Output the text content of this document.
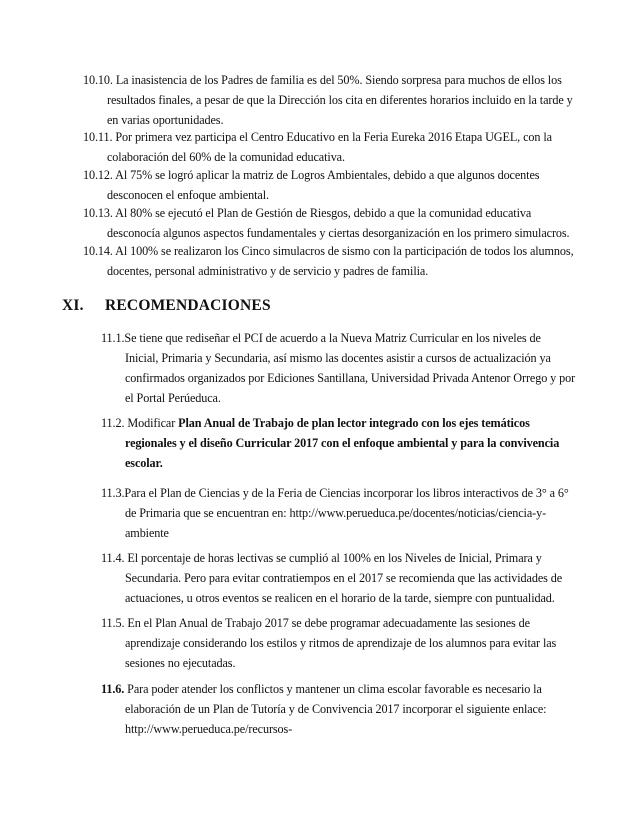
10.10. La inasistencia de los Padres de familia es del 50%. Siendo sorpresa para muchos de ellos los
resultados finales, a pesar de que la Dirección los cita en diferentes horarios incluido en la tarde y
en varias oportunidades.
10.11. Por primera vez participa el Centro Educativo en la Feria Eureka 2016 Etapa UGEL, con la
colaboración del 60% de la comunidad educativa.
10.12. Al 75% se logró aplicar la matriz de Logros Ambientales, debido a que algunos docentes
desconocen el enfoque ambiental.
10.13. Al 80% se ejecutó el Plan de Gestión de Riesgos, debido a que la comunidad educativa
desconocía algunos aspectos fundamentales y ciertas desorganización en los primero simulacros.
10.14. Al 100% se realizaron los Cinco simulacros de sismo con la participación de todos los alumnos,
docentes, personal administrativo y de servicio y padres de familia.
XI. RECOMENDACIONES
11.1.Se tiene que rediseñar el PCI de acuerdo a la Nueva Matriz Curricular en los niveles de
Inicial, Primaria y Secundaria, así mismo las docentes asistir a cursos de actualización ya
confirmados organizados por Ediciones Santillana, Universidad Privada Antenor Orrego y por
el Portal Perúeduca.
11.2. Modificar Plan Anual de Trabajo de plan lector integrado con los ejes temáticos
regionales y el diseño Curricular 2017 con el enfoque ambiental y para la convivencia
escolar.
11.3.Para el Plan de Ciencias y de la Feria de Ciencias incorporar los libros interactivos de 3° a 6°
de Primaria que se encuentran en: http://www.perueduca.pe/docentes/noticias/ciencia-y-
ambiente
11.4. El porcentaje de horas lectivas se cumplió al 100% en los Niveles de Inicial, Primara y
Secundaria. Pero para evitar contratiempos en el 2017 se recomienda que las actividades de
actuaciones, u otros eventos se realicen en el horario de la tarde, siempre con puntualidad.
11.5. En el Plan Anual de Trabajo 2017 se debe programar adecuadamente las sesiones de
aprendizaje considerando los estilos y ritmos de aprendizaje de los alumnos para evitar las
sesiones no ejecutadas.
11.6. Para poder atender los conflictos y mantener un clima escolar favorable es necesario la
elaboración de un Plan de Tutoría y de Convivencia 2017 incorporar el siguiente enlace:
http://www.perueduca.pe/recursos-
